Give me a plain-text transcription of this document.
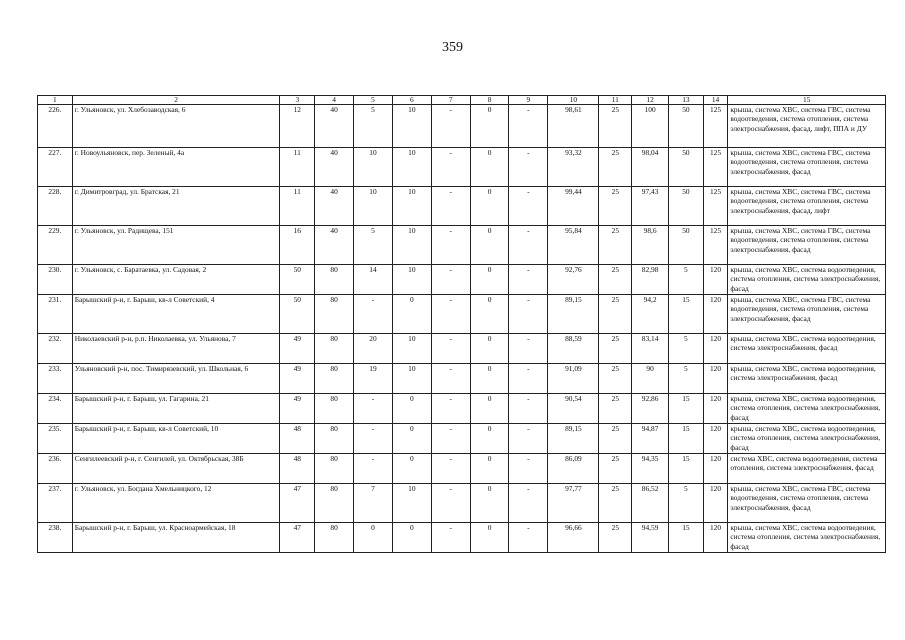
359
1	2	3	4	5	6	7	8	9	10	11	12	13	14	15
226.	г. Ульяновск, ул. Хлебозаводская, 6	12	40	5	10	-	0	-	98,61	25	100	50	125	крыша, система ХВС, система ГВС, система водоотведения, система отопления, система электроснабжения, фасад, лифт, ППА и ДУ
227.	г. Новоульяновск, пер. Зеленый, 4а	11	40	10	10	-	0	-	93,32	25	98,04	50	125	крыша, система ХВС, система ГВС, система водоотведения, система отопления, система электроснабжения, фасад
228.	г. Димитровград, ул. Братская, 21	11	40	10	10	-	0	-	99,44	25	97,43	50	125	крыша, система ХВС, система ГВС, система водоотведения, система отопления, система электроснабжения, фасад, лифт
229.	г. Ульяновск, ул. Радищева, 151	16	40	5	10	-	0	-	95,84	25	98,6	50	125	крыша, система ХВС, система ГВС, система водоотведения, система отопления, система электроснабжения, фасад
230.	г. Ульяновск, с. Баратаевка, ул. Садовая, 2	50	80	14	10	-	0	-	92,76	25	82,98	5	120	крыша, система ХВС, система водоотведения, система отопления, система электроснабжения, фасад
231.	Барышский р-н, г. Барыш, кв-л Советский, 4	50	80	-	0	-	0	-	89,15	25	94,2	15	120	крыша, система ХВС, система ГВС, система водоотведения, система отопления, система электроснабжения, фасад
232.	Николаевский р-н, р.п. Николаевка, ул. Ульянова, 7	49	80	20	10	-	0	-	88,59	25	83,14	5	120	крыша, система ХВС, система водоотведения, система электроснабжения, фасад
233.	Ульяновский р-н, пос. Тимирязевский, ул. Школьная, 6	49	80	19	10	-	0	-	91,09	25	90	5	120	крыша, система ХВС, система водоотведения, система электроснабжения, фасад
234.	Барышский р-н, г. Барыш, ул. Гагарина, 21	49	80	-	0	-	0	-	90,54	25	92,86	15	120	крыша, система ХВС, система водоотведения, система отопления, система электроснабжения, фасад
235.	Барышский р-н, г. Барыш, кв-л Советский, 10	48	80	-	0	-	0	-	89,15	25	94,87	15	120	крыша, система ХВС, система водоотведения, система отопления, система электроснабжения, фасад
236.	Сенгилеевский р-н, г. Сенгилей, ул. Октябрьская, 38Б	48	80	-	0	-	0	-	86,09	25	94,35	15	120	система ХВС, система водоотведения, система отопления, система электроснабжения, фасад
237.	г. Ульяновск, ул. Богдана Хмельницкого, 12	47	80	7	10	-	0	-	97,77	25	86,52	5	120	крыша, система ХВС, система ГВС, система водоотведения, система отопления, система электроснабжения, фасад
238.	Барышский р-н, г. Барыш, ул. Красноармейская, 18	47	80	0	0	-	0	-	96,66	25	94,59	15	120	крыша, система ХВС, система водоотведения, система отопления, система электроснабжения, фасад
